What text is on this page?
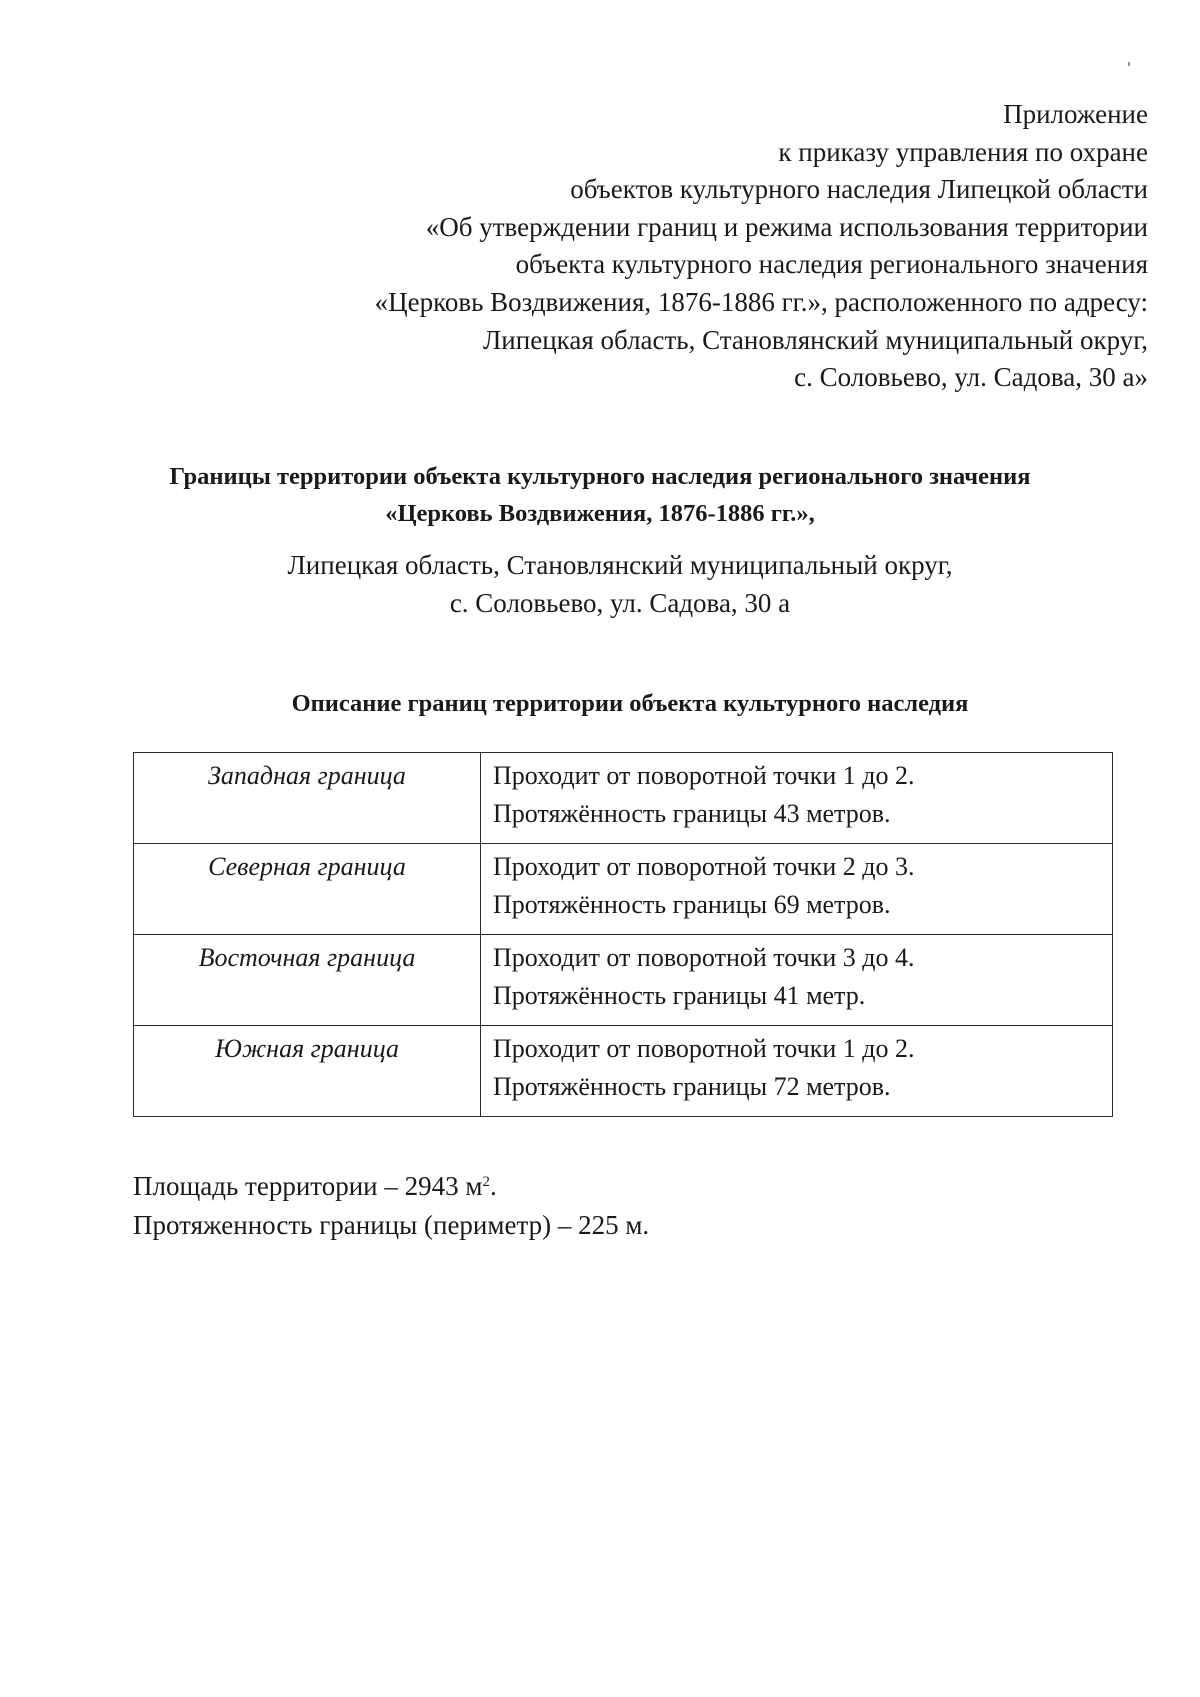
Приложение
к приказу управления по охране
объектов культурного наследия Липецкой области
«Об утверждении границ и режима использования территории
объекта культурного наследия регионального значения
«Церковь Воздвижения, 1876-1886 гг.», расположенного по адресу:
Липецкая область, Становлянский муниципальный округ,
с. Соловьево, ул. Садова, 30 а»
Границы территории объекта культурного наследия регионального значения
«Церковь Воздвижения, 1876-1886 гг.»,
Липецкая область, Становлянский муниципальный округ,
с. Соловьево, ул. Садова, 30 а
Описание границ территории объекта культурного наследия
Западная граница	Проходит от поворотной точки 1 до 2.
Протяжённость границы 43 метров.

Северная граница	Проходит от поворотной точки 2 до 3.
Протяжённость границы 69 метров.

Восточная граница	Проходит от поворотной точки 3 до 4.
Протяжённость границы 41 метр.

Южная граница	Проходит от поворотной точки 1 до 2.
Протяжённость границы 72 метров.
Площадь территории – 2943 $м^2$.
Протяженность границы (периметр) – 225 м.
